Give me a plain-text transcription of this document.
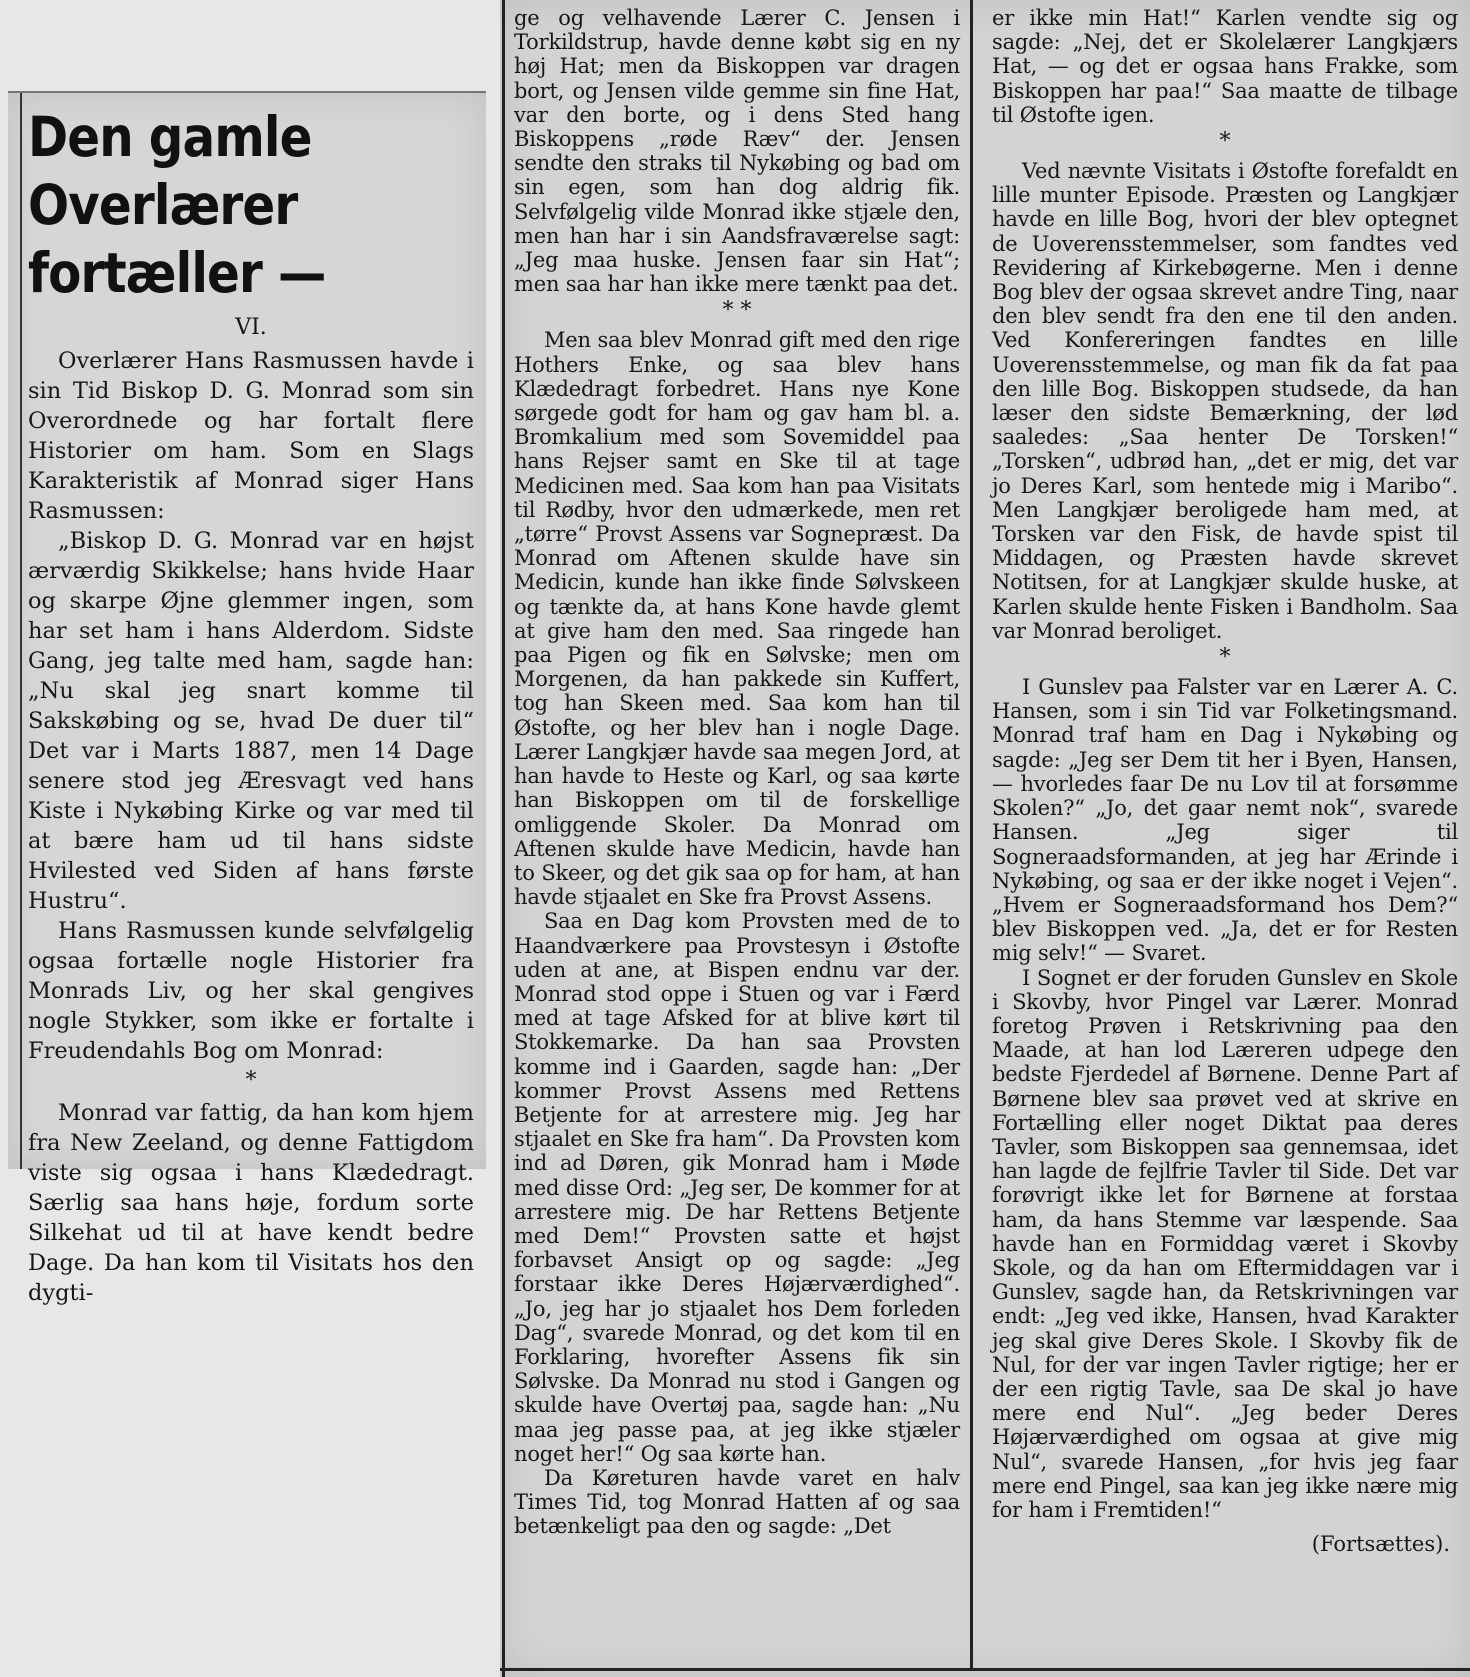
Den gamle Overlærer fortæller —
VI.

Overlærer Hans Rasmussen havde i sin Tid Biskop D. G. Monrad som sin Overordnede og har fortalt flere Historier om ham. Som en Slags Karakteristik af Monrad siger Hans Rasmussen:

„Biskop D. G. Monrad var en højst ærværdig Skikkelse; hans hvide Haar og skarpe Øjne glemmer ingen, som har set ham i hans Alderdom. Sidste Gang, jeg talte med ham, sagde han: „Nu skal jeg snart komme til Sakskøbing og se, hvad De duer til“ Det var i Marts 1887, men 14 Dage senere stod jeg Æresvagt ved hans Kiste i Nykøbing Kirke og var med til at bære ham ud til hans sidste Hvilested ved Siden af hans første Hustru“.

Hans Rasmussen kunde selvfølgelig ogsaa fortælle nogle Historier fra Monrads Liv, og her skal gengives nogle Stykker, som ikke er fortalte i Freudendahls Bog om Monrad:

*

Monrad var fattig, da han kom hjem fra New Zeeland, og denne Fattigdom viste sig ogsaa i hans Klædedragt. Særlig saa hans høje, fordum sorte Silkehat ud til at have kendt bedre Dage. Da han kom til Visitats hos den dygti-

ge og velhavende Lærer C. Jensen i Torkildstrup, havde denne købt sig en ny høj Hat; men da Biskoppen var dragen bort, og Jensen vilde gemme sin fine Hat, var den borte, og i dens Sted hang Biskoppens „røde Ræv“ der. Jensen sendte den straks til Nykøbing og bad om sin egen, som han dog aldrig fik. Selvfølgelig vilde Monrad ikke stjæle den, men han har i sin Aandsfraværelse sagt: „Jeg maa huske. Jensen faar sin Hat“; men saa har han ikke mere tænkt paa det.

* *

Men saa blev Monrad gift med den rige Hothers Enke, og saa blev hans Klædedragt forbedret. Hans nye Kone sørgede godt for ham og gav ham bl. a. Bromkalium med som Sovemiddel paa hans Rejser samt en Ske til at tage Medicinen med. Saa kom han paa Visitats til Rødby, hvor den udmærkede, men ret „tørre“ Provst Assens var Sognepræst. Da Monrad om Aftenen skulde have sin Medicin, kunde han ikke finde Sølvskeen og tænkte da, at hans Kone havde glemt at give ham den med. Saa ringede han paa Pigen og fik en Sølvske; men om Morgenen, da han pakkede sin Kuffert, tog han Skeen med. Saa kom han til Østofte, og her blev han i nogle Dage. Lærer Langkjær havde saa megen Jord, at han havde to Heste og Karl, og saa kørte han Biskoppen om til de forskellige omliggende Skoler. Da Monrad om Aftenen skulde have Medicin, havde han to Skeer, og det gik saa op for ham, at han havde stjaalet en Ske fra Provst Assens.

Saa en Dag kom Provsten med de to Haandværkere paa Provstesyn i Østofte uden at ane, at Bispen endnu var der. Monrad stod oppe i Stuen og var i Færd med at tage Afsked for at blive kørt til Stokkemarke. Da han saa Provsten komme ind i Gaarden, sagde han: „Der kommer Provst Assens med Rettens Betjente for at arrestere mig. Jeg har stjaalet en Ske fra ham“. Da Provsten kom ind ad Døren, gik Monrad ham i Møde med disse Ord: „Jeg ser, De kommer for at arrestere mig. De har Rettens Betjente med Dem!“ Provsten satte et højst forbavset Ansigt op og sagde: „Jeg forstaar ikke Deres Højærværdighed“. „Jo, jeg har jo stjaalet hos Dem forleden Dag“, svarede Monrad, og det kom til en Forklaring, hvorefter Assens fik sin Sølvske. Da Monrad nu stod i Gangen og skulde have Overtøj paa, sagde han: „Nu maa jeg passe paa, at jeg ikke stjæler noget her!“ Og saa kørte han.

Da Køreturen havde varet en halv Times Tid, tog Monrad Hatten af og saa betænkeligt paa den og sagde: „Det

er ikke min Hat!“ Karlen vendte sig og sagde: „Nej, det er Skolelærer Langkjærs Hat, — og det er ogsaa hans Frakke, som Biskoppen har paa!“ Saa maatte de tilbage til Østofte igen.

*

Ved nævnte Visitats i Østofte forefaldt en lille munter Episode. Præsten og Langkjær havde en lille Bog, hvori der blev optegnet de Uoverensstemmelser, som fandtes ved Revidering af Kirkebøgerne. Men i denne Bog blev der ogsaa skrevet andre Ting, naar den blev sendt fra den ene til den anden. Ved Konfereringen fandtes en lille Uoverensstemmelse, og man fik da fat paa den lille Bog. Biskoppen studsede, da han læser den sidste Bemærkning, der lød saaledes: „Saa henter De Torsken!“ „Torsken“, udbrød han, „det er mig, det var jo Deres Karl, som hentede mig i Maribo“. Men Langkjær beroligede ham med, at Torsken var den Fisk, de havde spist til Middagen, og Præsten havde skrevet Notitsen, for at Langkjær skulde huske, at Karlen skulde hente Fisken i Bandholm. Saa var Monrad beroliget.

*

I Gunslev paa Falster var en Lærer A. C. Hansen, som i sin Tid var Folketingsmand. Monrad traf ham en Dag i Nykøbing og sagde: „Jeg ser Dem tit her i Byen, Hansen, — hvorledes faar De nu Lov til at forsømme Skolen?“ „Jo, det gaar nemt nok“, svarede Hansen. „Jeg siger til Sogneraadsformanden, at jeg har Ærinde i Nykøbing, og saa er der ikke noget i Vejen“. „Hvem er Sogneraadsformand hos Dem?“ blev Biskoppen ved. „Ja, det er for Resten mig selv!“ — Svaret.

I Sognet er der foruden Gunslev en Skole i Skovby, hvor Pingel var Lærer. Monrad foretog Prøven i Retskrivning paa den Maade, at han lod Læreren udpege den bedste Fjerdedel af Børnene. Denne Part af Børnene blev saa prøvet ved at skrive en Fortælling eller noget Diktat paa deres Tavler, som Biskoppen saa gennemsaa, idet han lagde de fejlfrie Tavler til Side. Det var forøvrigt ikke let for Børnene at forstaa ham, da hans Stemme var læspende. Saa havde han en Formiddag været i Skovby Skole, og da han om Eftermiddagen var i Gunslev, sagde han, da Retskrivningen var endt: „Jeg ved ikke, Hansen, hvad Karakter jeg skal give Deres Skole. I Skovby fik de Nul, for der var ingen Tavler rigtige; her er der een rigtig Tavle, saa De skal jo have mere end Nul“. „Jeg beder Deres Højærværdighed om ogsaa at give mig Nul“, svarede Hansen, „for hvis jeg faar mere end Pingel, saa kan jeg ikke nære mig for ham i Fremtiden!“

(Fortsættes).
